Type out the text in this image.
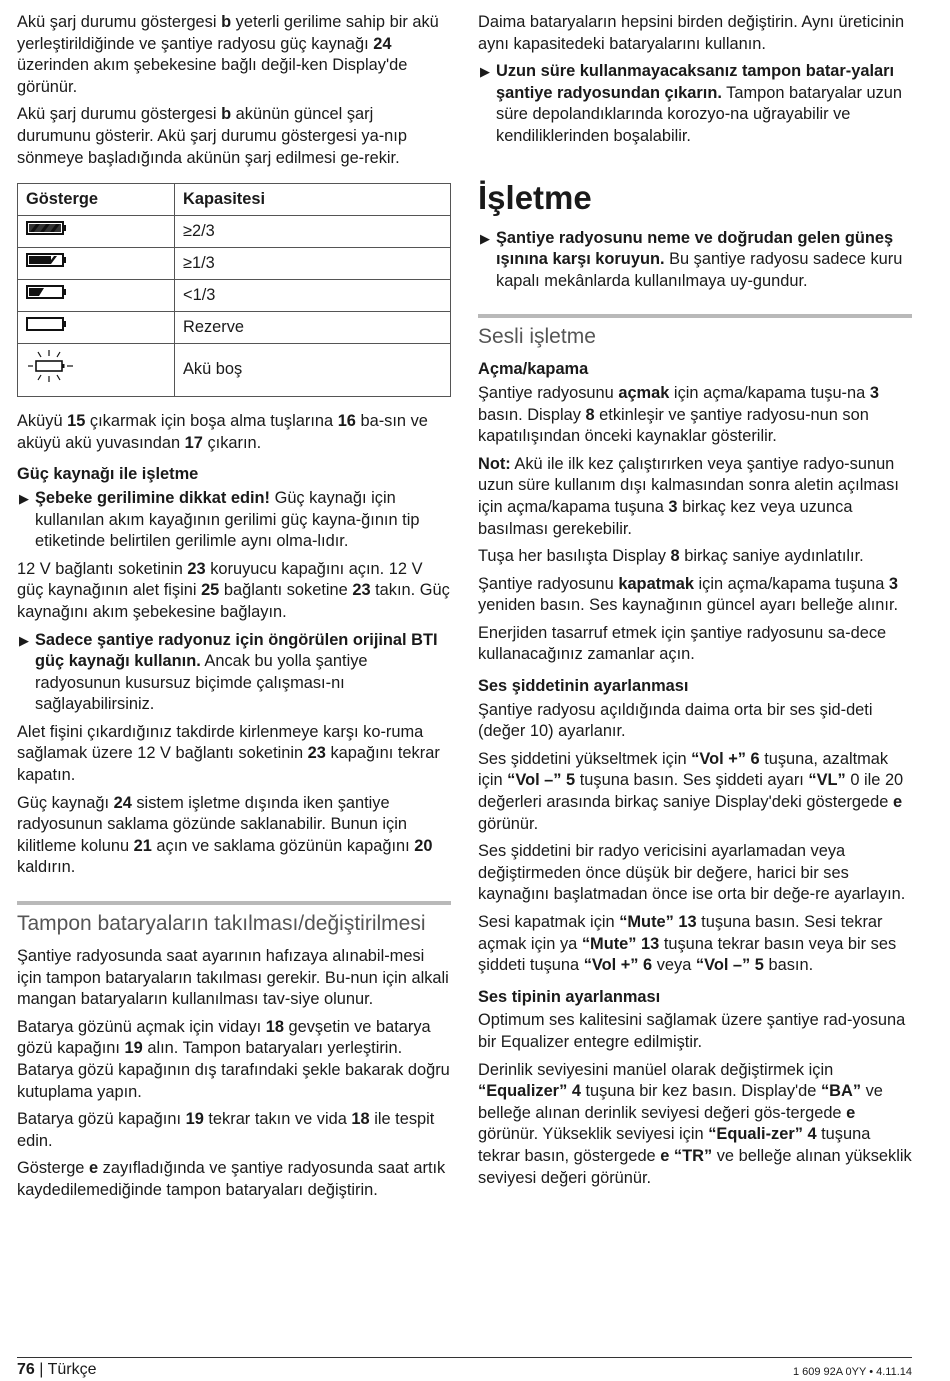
Akü şarj durumu göstergesi b yeterli gerilime sahip bir akü yerleştirildiğinde ve şantiye radyosu güç kaynağı 24 üzerinden akım şebekesine bağlı değil-ken Display'de görünür.

Akü şarj durumu göstergesi b akünün güncel şarj durumunu gösterir. Akü şarj durumu göstergesi ya-nıp sönmeye başladığında akünün şarj edilmesi ge-rekir.

Gösterge	Kapasitesi
	≥2/3
	≥1/3
	<1/3
	Rezerve
	Akü boş

Aküyü 15 çıkarmak için boşa alma tuşlarına 16 ba-sın ve aküyü akü yuvasından 17 çıkarın.

Güç kaynağı ile işletme
▶ Şebeke gerilimine dikkat edin! Güç kaynağı için kullanılan akım kayağının gerilimi güç kayna-ğının tip etiketinde belirtilen gerilimle aynı olma-lıdır.

12 V bağlantı soketinin 23 koruyucu kapağını açın. 12 V güç kaynağının alet fişini 25 bağlantı soketine 23 takın. Güç kaynağını akım şebekesine bağlayın.

▶ Sadece şantiye radyonuz için öngörülen orijinal BTI güç kaynağı kullanın. Ancak bu yolla şantiye radyosunun kusursuz biçimde çalışması-nı sağlayabilirsiniz.

Alet fişini çıkardığınız takdirde kirlenmeye karşı ko-ruma sağlamak üzere 12 V bağlantı soketinin 23 kapağını tekrar kapatın.

Güç kaynağı 24 sistem işletme dışında iken şantiye radyosunun saklama gözünde saklanabilir. Bunun için kilitleme kolunu 21 açın ve saklama gözünün kapağını 20 kaldırın.

Tampon bataryaların takılması/değiştirilmesi

Şantiye radyosunda saat ayarının hafızaya alınabil-mesi için tampon bataryaların takılması gerekir. Bu-nun için alkali mangan bataryaların kullanılması tav-siye olunur.

Batarya gözünü açmak için vidayı 18 gevşetin ve batarya gözü kapağını 19 alın. Tampon bataryaları yerleştirin. Batarya gözü kapağının dış tarafındaki şekle bakarak doğru kutuplama yapın.

Batarya gözü kapağını 19 tekrar takın ve vida 18 ile tespit edin.

Gösterge e zayıfladığında ve şantiye radyosunda saat artık kaydedilemediğinde tampon bataryaları değiştirin.

Daima bataryaların hepsini birden değiştirin. Aynı üreticinin aynı kapasitedeki bataryalarını kullanın.

▶ Uzun süre kullanmayacaksanız tampon batar-yaları şantiye radyosundan çıkarın. Tampon bataryalar uzun süre depolandıklarında korozyo-na uğrayabilir ve kendiliklerinden boşalabilir.
İşletme
▶ Şantiye radyosunu neme ve doğrudan gelen güneş ışınına karşı koruyun. Bu şantiye radyosu sadece kuru kapalı mekânlarda kullanılmaya uy-gundur.
Sesli işletme
Açma/kapama

Şantiye radyosunu açmak için açma/kapama tuşu-na 3 basın. Display 8 etkinleşir ve şantiye radyosu-nun son kapatılışından önceki kaynaklar gösterilir.

Not: Akü ile ilk kez çalıştırırken veya şantiye radyo-sunun uzun süre kullanım dışı kalmasından sonra aletin açılması için açma/kapama tuşuna 3 birkaç kez veya uzunca basılması gerekebilir.

Tuşa her basılışta Display 8 birkaç saniye aydınlatılır.

Şantiye radyosunu kapatmak için açma/kapama tuşuna 3 yeniden basın. Ses kaynağının güncel ayarı belleğe alınır.

Enerjiden tasarruf etmek için şantiye radyosunu sa-dece kullanacağınız zamanlar açın.

Ses şiddetinin ayarlanması

Şantiye radyosu açıldığında daima orta bir ses şid-deti (değer 10) ayarlanır.

Ses şiddetini yükseltmek için “Vol +” 6 tuşuna, azaltmak için “Vol –” 5 tuşuna basın. Ses şiddeti ayarı “VL” 0 ile 20 değerleri arasında birkaç saniye Display'deki göstergede e görünür.

Ses şiddetini bir radyo vericisini ayarlamadan veya değiştirmeden önce düşük bir değere, harici bir ses kaynağını başlatmadan önce ise orta bir değe-re ayarlayın.

Sesi kapatmak için “Mute” 13 tuşuna basın. Sesi tekrar açmak için ya “Mute” 13 tuşuna tekrar basın veya bir ses şiddeti tuşuna “Vol +” 6 veya “Vol –” 5 basın.

Ses tipinin ayarlanması

Optimum ses kalitesini sağlamak üzere şantiye rad-yosuna bir Equalizer entegre edilmiştir.

Derinlik seviyesini manüel olarak değiştirmek için “Equalizer” 4 tuşuna bir kez basın. Display'de “BA” ve belleğe alınan derinlik seviyesi değeri gös-tergede e görünür. Yükseklik seviyesi için “Equali-zer” 4 tuşuna tekrar basın, göstergede e “TR” ve belleğe alınan yükseklik seviyesi değeri görünür.

76 | Türkçe	1 609 92A 0YY • 4.11.14
